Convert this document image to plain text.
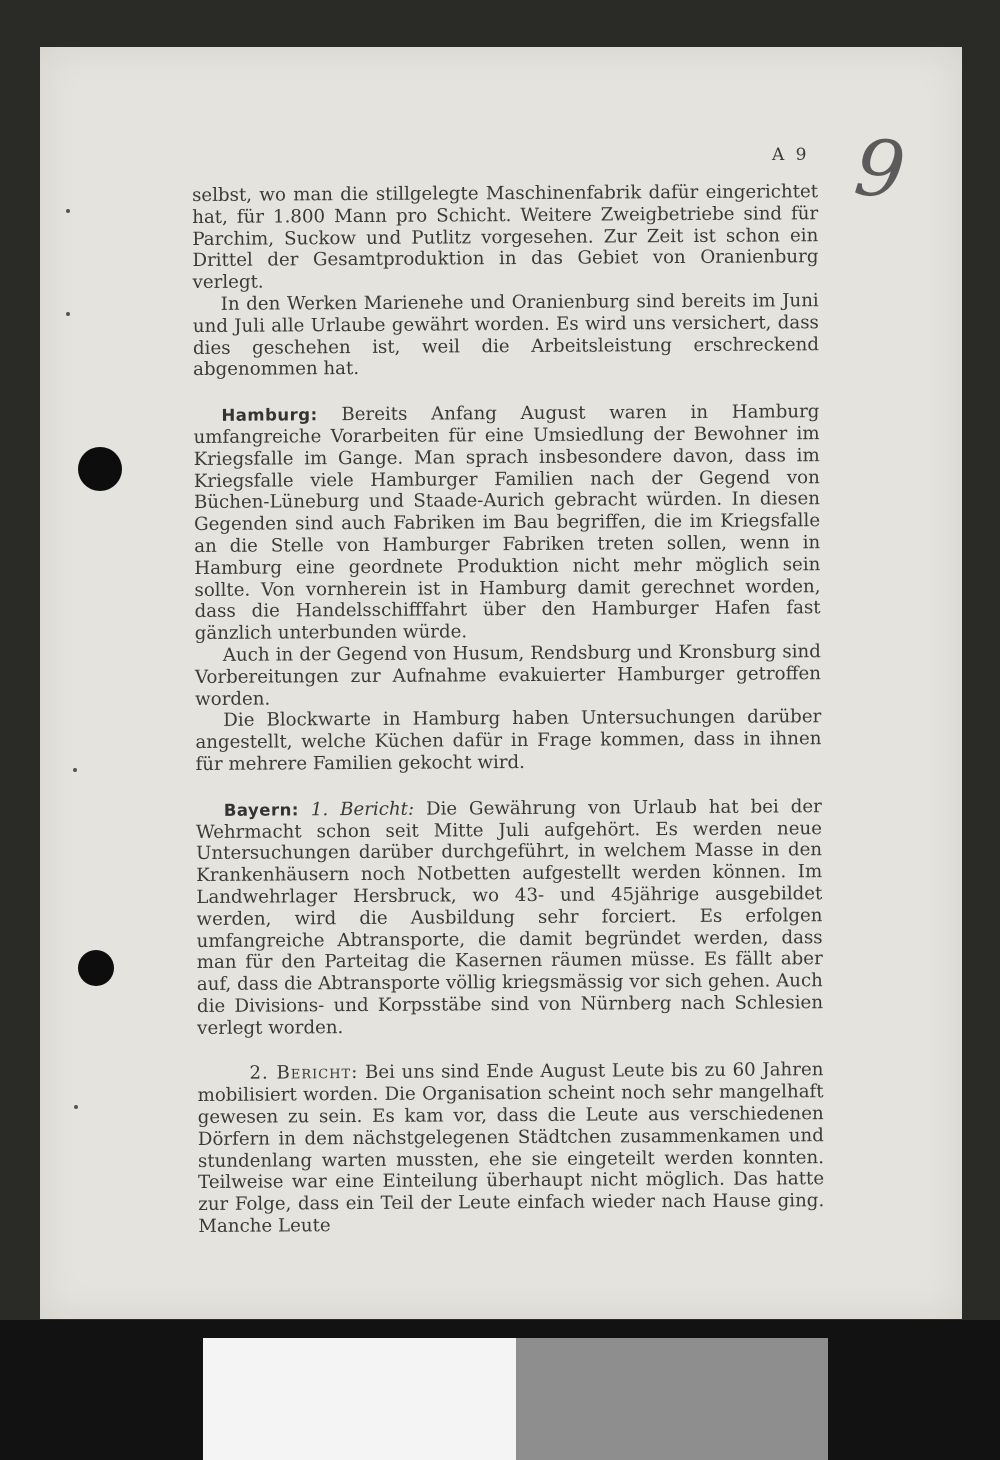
A 9 9

selbst, wo man die stillgelegte Maschinenfabrik dafür eingerichtet hat, für 1.800 Mann pro Schicht. Weitere Zweigbetriebe sind für Parchim, Suckow und Putlitz vorgesehen. Zur Zeit ist schon ein Drittel der Gesamtproduktion in das Gebiet von Oranienburg verlegt.

In den Werken Marienehe und Oranienburg sind bereits im Juni und Juli alle Urlaube gewährt worden. Es wird uns versichert, dass dies geschehen ist, weil die Arbeitsleistung erschreckend abgenommen hat.

Hamburg: Bereits Anfang August waren in Hamburg umfangreiche Vorarbeiten für eine Umsiedlung der Bewohner im Kriegsfalle im Gange. Man sprach insbesondere davon, dass im Kriegsfalle viele Hamburger Familien nach der Gegend von Büchen-Lüneburg und Staade-Aurich gebracht würden. In diesen Gegenden sind auch Fabriken im Bau begriffen, die im Kriegsfalle an die Stelle von Hamburger Fabriken treten sollen, wenn in Hamburg eine geordnete Produktion nicht mehr möglich sein sollte. Von vornherein ist in Hamburg damit gerechnet worden, dass die Handelsschifffahrt über den Hamburger Hafen fast gänzlich unterbunden würde.

Auch in der Gegend von Husum, Rendsburg und Kronsburg sind Vorbereitungen zur Aufnahme evakuierter Hamburger getroffen worden.

Die Blockwarte in Hamburg haben Untersuchungen darüber angestellt, welche Küchen dafür in Frage kommen, dass in ihnen für mehrere Familien gekocht wird.

Bayern: 1. Bericht: Die Gewährung von Urlaub hat bei der Wehrmacht schon seit Mitte Juli aufgehört. Es werden neue Untersuchungen darüber durchgeführt, in welchem Masse in den Krankenhäusern noch Notbetten aufgestellt werden können. Im Landwehrlager Hersbruck, wo 43- und 45jährige ausgebildet werden, wird die Ausbildung sehr forciert. Es erfolgen umfangreiche Abtransporte, die damit begründet werden, dass man für den Parteitag die Kasernen räumen müsse. Es fällt aber auf, dass die Abtransporte völlig kriegsmässig vor sich gehen. Auch die Divisions- und Korpsstäbe sind von Nürnberg nach Schlesien verlegt worden.

2. Bericht: Bei uns sind Ende August Leute bis zu 60 Jahren mobilisiert worden. Die Organisation scheint noch sehr mangelhaft gewesen zu sein. Es kam vor, dass die Leute aus verschiedenen Dörfern in dem nächstgelegenen Städtchen zusammenkamen und stundenlang warten mussten, ehe sie eingeteilt werden konnten. Teilweise war eine Einteilung überhaupt nicht möglich. Das hatte zur Folge, dass ein Teil der Leute einfach wieder nach Hause ging. Manche Leute
